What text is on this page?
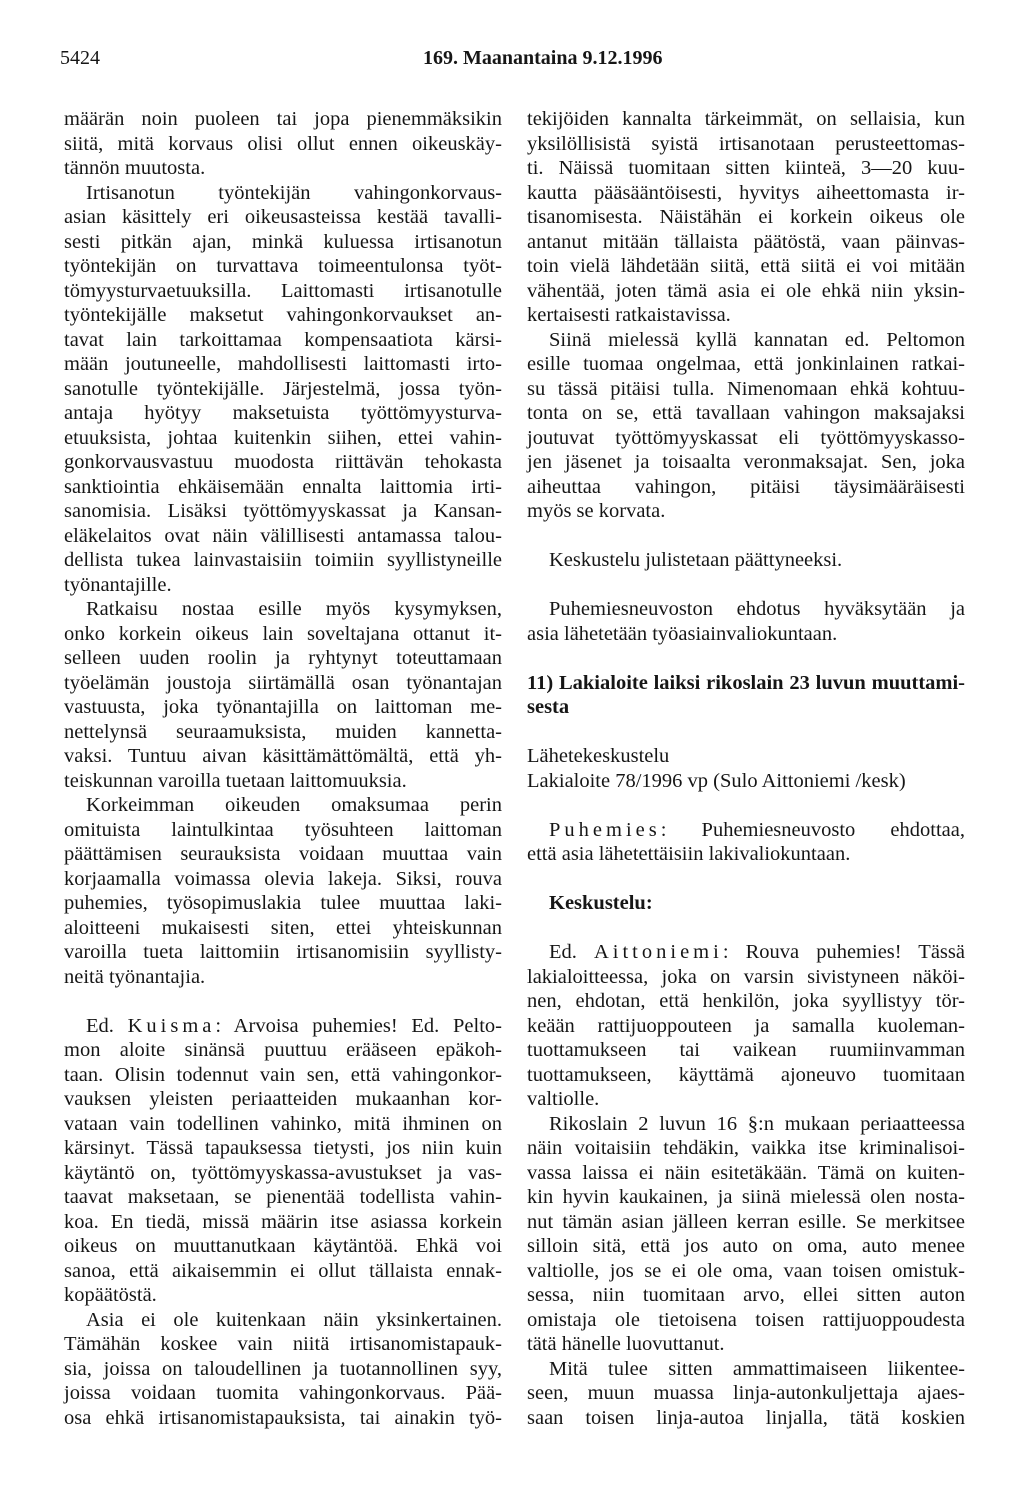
5424	169. Maanantaina 9.12.1996
määrän noin puoleen tai jopa pienemmäksikin
siitä, mitä korvaus olisi ollut ennen oikeuskäy-
tännön muutosta.
Irtisanotun työntekijän vahingonkorvaus-
asian käsittely eri oikeusasteissa kestää tavalli-
sesti pitkän ajan, minkä kuluessa irtisanotun
työntekijän on turvattava toimeentulonsa työt-
tömyysturvaetuuksilla. Laittomasti irtisanotulle
työntekijälle maksetut vahingonkorvaukset an-
tavat lain tarkoittamaa kompensaatiota kärsi-
mään joutuneelle, mahdollisesti laittomasti irto-
sanotulle työntekijälle. Järjestelmä, jossa työn-
antaja hyötyy maksetuista työttömyysturva-
etuuksista, johtaa kuitenkin siihen, ettei vahin-
gonkorvausvastuu muodosta riittävän tehokasta
sanktiointia ehkäisemään ennalta laittomia irti-
sanomisia. Lisäksi työttömyyskassat ja Kansan-
eläkelaitos ovat näin välillisesti antamassa talou-
dellista tukea lainvastaisiin toimiin syyllistyneille
työnantajille.
Ratkaisu nostaa esille myös kysymyksen,
onko korkein oikeus lain soveltajana ottanut it-
selleen uuden roolin ja ryhtynyt toteuttamaan
työelämän joustoja siirtämällä osan työnantajan
vastuusta, joka työnantajilla on laittoman me-
nettelynsä seuraamuksista, muiden kannetta-
vaksi. Tuntuu aivan käsittämättömältä, että yh-
teiskunnan varoilla tuetaan laittomuuksia.
Korkeimman oikeuden omaksumaa perin
omituista laintulkintaa työsuhteen laittoman
päättämisen seurauksista voidaan muuttaa vain
korjaamalla voimassa olevia lakeja. Siksi, rouva
puhemies, työsopimuslakia tulee muuttaa laki-
aloitteeni mukaisesti siten, ettei yhteiskunnan
varoilla tueta laittomiin irtisanomisiin syyllisty-
neitä työnantajia.
Ed. Kuisma: Arvoisa puhemies! Ed. Pelto-
mon aloite sinänsä puuttuu erääseen epäkoh-
taan. Olisin todennut vain sen, että vahingonkor-
vauksen yleisten periaatteiden mukaanhan kor-
vataan vain todellinen vahinko, mitä ihminen on
kärsinyt. Tässä tapauksessa tietysti, jos niin kuin
käytäntö on, työttömyyskassa-avustukset ja vas-
taavat maksetaan, se pienentää todellista vahin-
koa. En tiedä, missä määrin itse asiassa korkein
oikeus on muuttanutkaan käytäntöä. Ehkä voi
sanoa, että aikaisemmin ei ollut tällaista ennak-
kopäätöstä.
Asia ei ole kuitenkaan näin yksinkertainen.
Tämähän koskee vain niitä irtisanomistapauk-
sia, joissa on taloudellinen ja tuotannollinen syy,
joissa voidaan tuomita vahingonkorvaus. Pää-
osa ehkä irtisanomistapauksista, tai ainakin työ-
tekijöiden kannalta tärkeimmät, on sellaisia, kun
yksilöllisistä syistä irtisanotaan perusteettomas-
ti. Näissä tuomitaan sitten kiinteä, 3—20 kuu-
kautta pääsääntöisesti, hyvitys aiheettomasta ir-
tisanomisesta. Näistähän ei korkein oikeus ole
antanut mitään tällaista päätöstä, vaan päinvas-
toin vielä lähdetään siitä, että siitä ei voi mitään
vähentää, joten tämä asia ei ole ehkä niin yksin-
kertaisesti ratkaistavissa.
Siinä mielessä kyllä kannatan ed. Peltomon
esille tuomaa ongelmaa, että jonkinlainen ratkai-
su tässä pitäisi tulla. Nimenomaan ehkä kohtuu-
tonta on se, että tavallaan vahingon maksajaksi
joutuvat työttömyyskassat eli työttömyyskasso-
jen jäsenet ja toisaalta veronmaksajat. Sen, joka
aiheuttaa vahingon, pitäisi täysimääräisesti
myös se korvata.
Keskustelu julistetaan päättyneeksi.
Puhemiesneuvoston ehdotus hyväksytään ja
asia lähetetään työasiainvaliokuntaan.
11) Lakialoite laiksi rikoslain 23 luvun muuttami-
sesta
Lähetekeskustelu
Lakialoite 78/1996 vp (Sulo Aittoniemi /kesk)
Puhemies: Puhemiesneuvosto ehdottaa,
että asia lähetettäisiin lakivaliokuntaan.
Keskustelu:
Ed. Aittoniemi: Rouva puhemies! Tässä
lakialoitteessa, joka on varsin sivistyneen näköi-
nen, ehdotan, että henkilön, joka syyllistyy tör-
keään rattijuoppouteen ja samalla kuoleman-
tuottamukseen tai vaikean ruumiinvamman
tuottamukseen, käyttämä ajoneuvo tuomitaan
valtiolle.
Rikoslain 2 luvun 16 §:n mukaan periaatteessa
näin voitaisiin tehdäkin, vaikka itse kriminalisoi-
vassa laissa ei näin esitetäkään. Tämä on kuiten-
kin hyvin kaukainen, ja siinä mielessä olen nosta-
nut tämän asian jälleen kerran esille. Se merkitsee
silloin sitä, että jos auto on oma, auto menee
valtiolle, jos se ei ole oma, vaan toisen omistuk-
sessa, niin tuomitaan arvo, ellei sitten auton
omistaja ole tietoisena toisen rattijuoppoudesta
tätä hänelle luovuttanut.
Mitä tulee sitten ammattimaiseen liikentee-
seen, muun muassa linja-autonkuljettaja ajaes-
saan toisen linja-autoa linjalla, tätä koskien
